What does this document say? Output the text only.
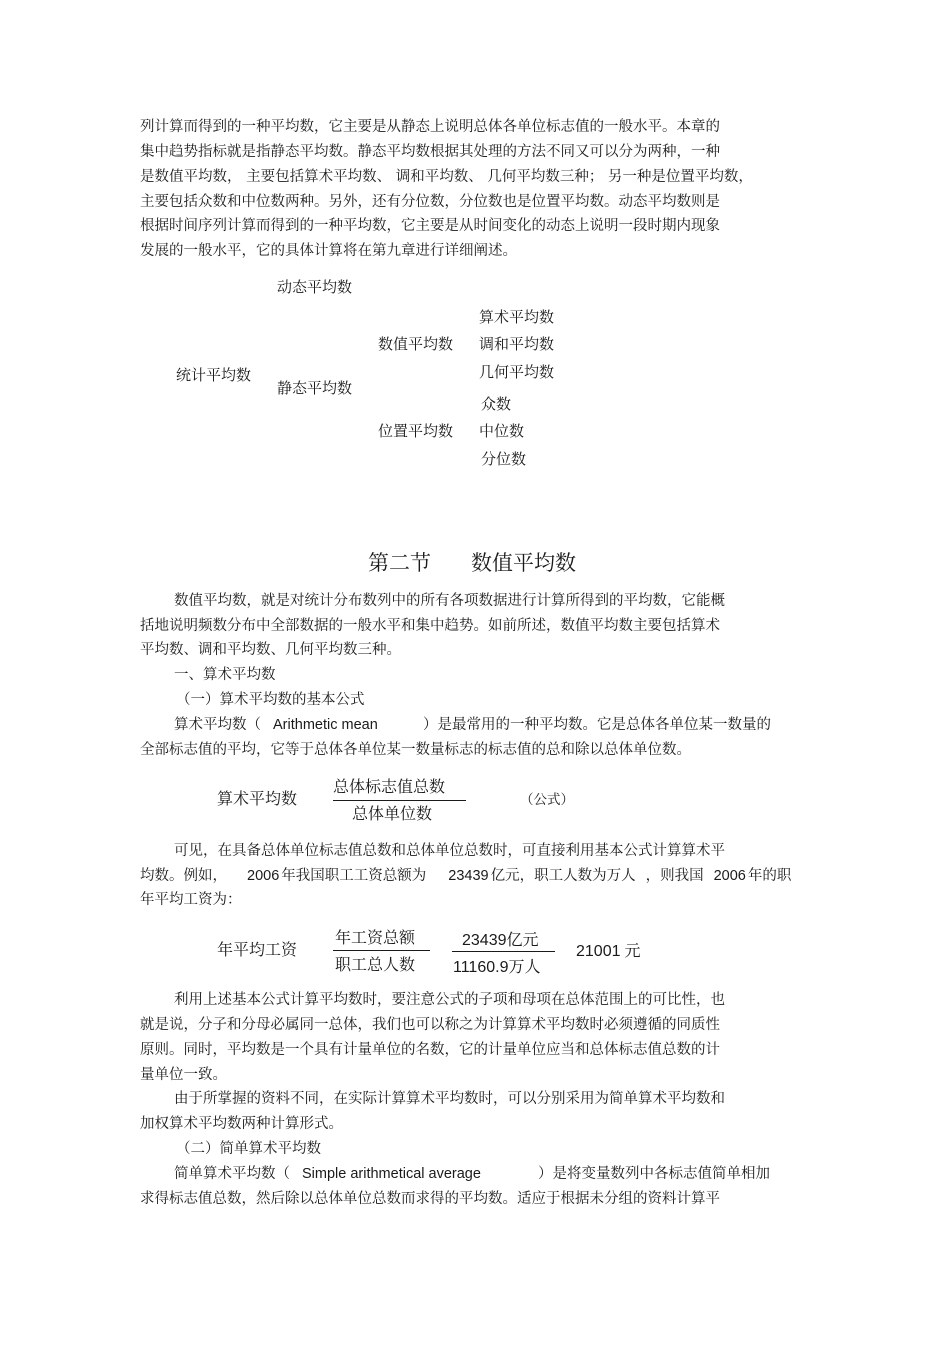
列计算而得到的一种平均数，它主要是从静态上说明总体各单位标志值的一般水平。本章的
集中趋势指标就是指静态平均数。静态平均数根据其处理的方法不同又可以分为两种，一种
是数值平均数， 主要包括算术平均数、 调和平均数、 几何平均数三种； 另一种是位置平均数，
主要包括众数和中位数两种。另外，还有分位数，分位数也是位置平均数。动态平均数则是
根据时间序列计算而得到的一种平均数，它主要是从时间变化的动态上说明一段时期内现象
发展的一般水平，它的具体计算将在第九章进行详细阐述。
动态平均数
统计平均数
静态平均数
数值平均数
位置平均数
算术平均数
调和平均数
几何平均数
众数
中位数
分位数
第二节      数值平均数
数值平均数，就是对统计分布数列中的所有各项数据进行计算所得到的平均数，它能概
括地说明频数分布中全部数据的一般水平和集中趋势。如前所述，数值平均数主要包括算术
平均数、调和平均数、几何平均数三种。
一、算术平均数
（一）算术平均数的基本公式
算术平均数（ Arithmetic mean	）是最常用的一种平均数。它是总体各单位某一数量的
全部标志值的平均，它等于总体各单位某一数量标志的标志值的总和除以总体单位数。
算术平均数
总体标志值总数
总体单位数
（公式）
可见，在具备总体单位标志值总数和总体单位总数时，可直接利用基本公式计算算术平
均数。例如， 2006 年我国职工工资总额为 23439 亿元，职工人数为万人 ，则我国 2006 年的职
年平均工资为：
年平均工资
年工资总额
职工总人数
23439亿元
11160.9万人
21001 元
利用上述基本公式计算平均数时，要注意公式的子项和母项在总体范围上的可比性，也
就是说，分子和分母必属同一总体，我们也可以称之为计算算术平均数时必须遵循的同质性
原则。同时，平均数是一个具有计量单位的名数，它的计量单位应当和总体标志值总数的计
量单位一致。
由于所掌握的资料不同，在实际计算算术平均数时，可以分别采用为简单算术平均数和
加权算术平均数两种计算形式。
（二）简单算术平均数
简单算术平均数（ Simple arithmetical average	）是将变量数列中各标志值简单相加
求得标志值总数，然后除以总体单位总数而求得的平均数。适应于根据未分组的资料计算平
